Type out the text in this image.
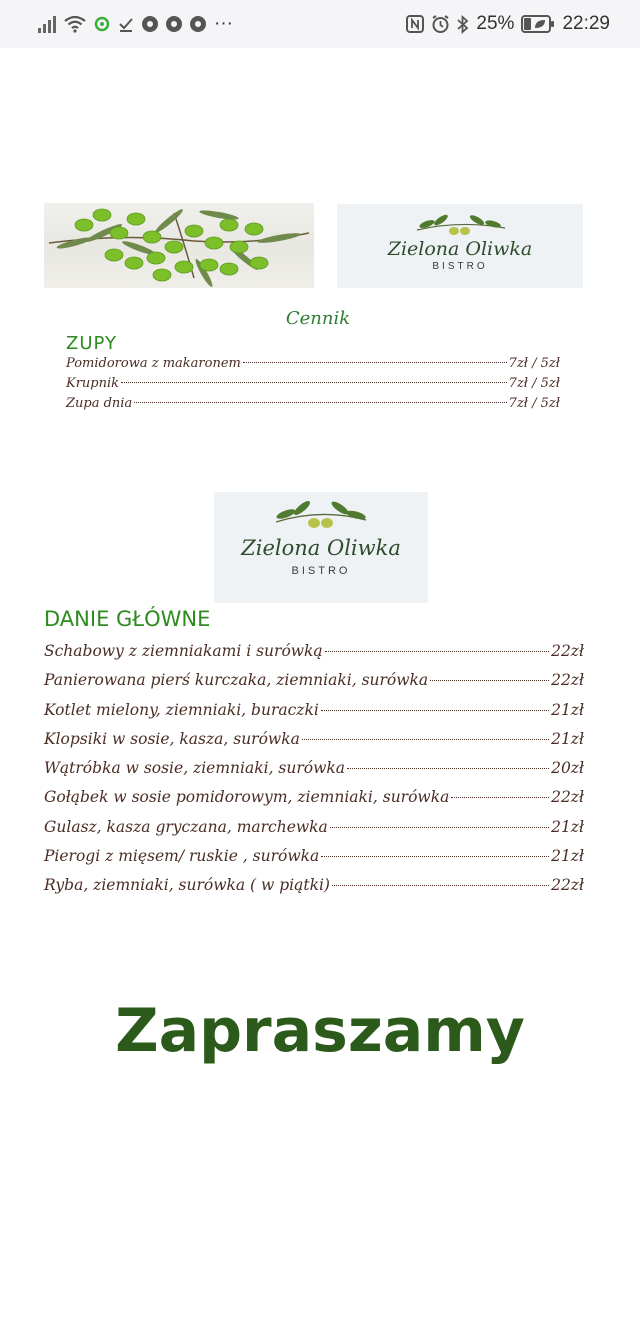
···	25%	22:29
Zielona Oliwka
BISTRO
Cennik
ZUPY
Pomidorowa z makaronem	7zł / 5zł
Krupnik	7zł / 5zł
Zupa dnia	7zł / 5zł
Zielona Oliwka
BISTRO
DANIE GŁÓWNE
Schabowy z ziemniakami i surówką	22zł
Panierowana pierś kurczaka, ziemniaki, surówka	22zł
Kotlet mielony, ziemniaki, buraczki	21zł
Klopsiki w sosie, kasza, surówka	21zł
Wątróbka w sosie, ziemniaki, surówka	20zł
Gołąbek w sosie pomidorowym, ziemniaki, surówka	22zł
Gulasz, kasza gryczana, marchewka	21zł
Pierogi z mięsem/ ruskie , surówka	21zł
Ryba, ziemniaki, surówka ( w piątki)	22zł
Zapraszamy
